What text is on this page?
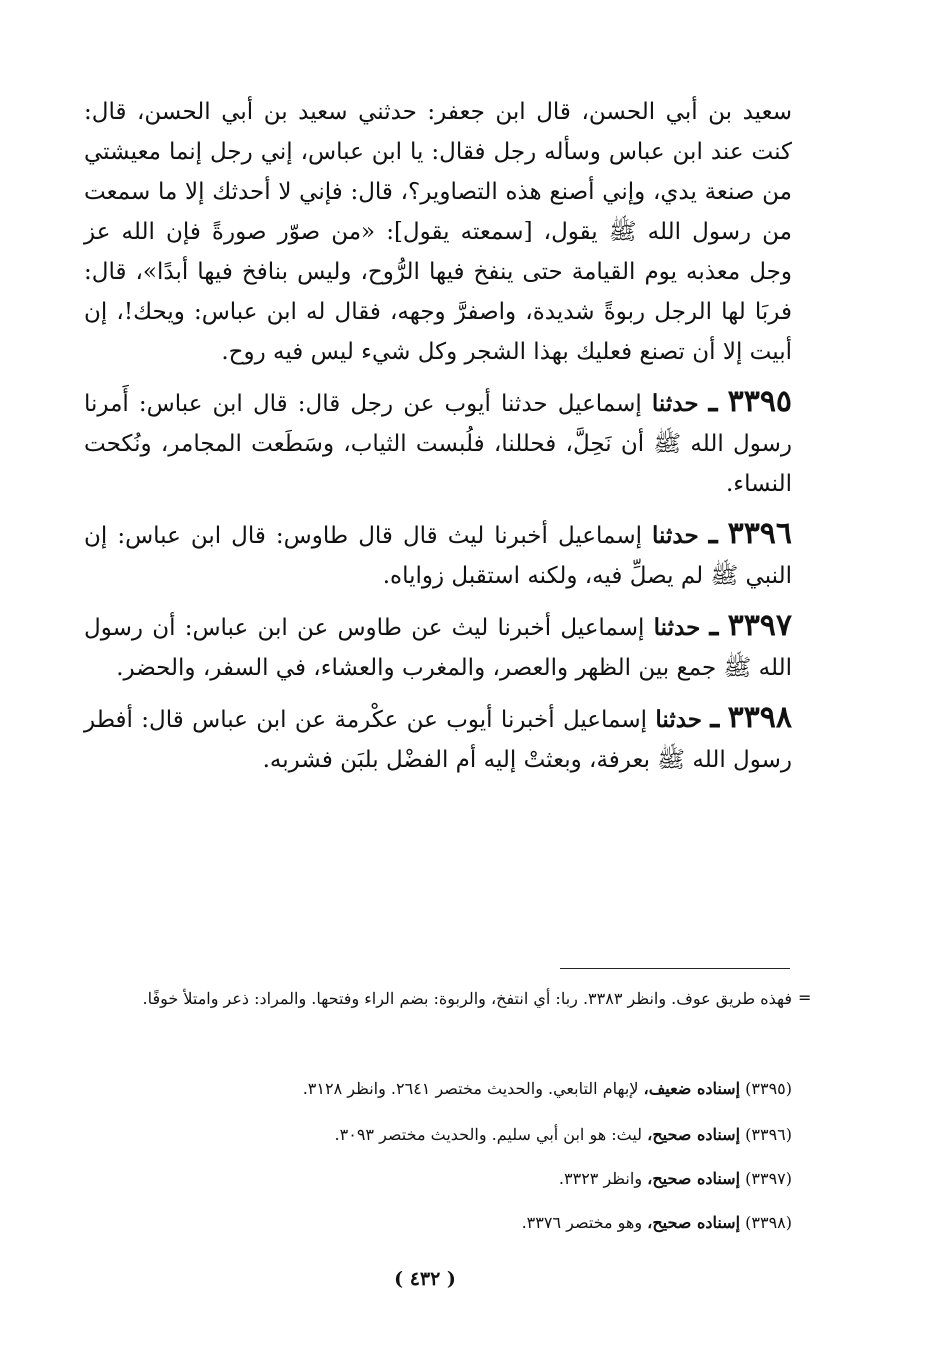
سعيد بن أبي الحسن، قال ابن جعفر: حدثني سعيد بن أبي الحسن، قال: كنت عند ابن عباس وسأله رجل فقال: يا ابن عباس، إني رجل إنما معيشتي من صنعة يدي، وإني أصنع هذه التصاوير؟، قال: فإني لا أحدثك إلا ما سمعت من رسول الله ﷺ يقول، [سمعته يقول]: «من صوّر صورةً فإن الله عز وجل معذبه يوم القيامة حتى ينفخ فيها الرُّوح، وليس بنافخ فيها أبدًا»، قال: فربَا لها الرجل ربوةً شديدة، واصفرَّ وجهه، فقال له ابن عباس: ويحك!، إن أبيت إلا أن تصنع فعليك بهذا الشجر وكل شيء ليس فيه روح.

٣٣٩٥ ـ حدثنا إسماعيل حدثنا أيوب عن رجل قال: قال ابن عباس: أَمرنا رسول الله ﷺ أن نَحِلَّ، فحللنا، فلُبست الثياب، وسَطَعت المجامر، ونُكحت النساء.

٣٣٩٦ ـ حدثنا إسماعيل أخبرنا ليث قال قال طاوس: قال ابن عباس: إن النبي ﷺ لم يصلِّ فيه، ولكنه استقبل زواياه.

٣٣٩٧ ـ حدثنا إسماعيل أخبرنا ليث عن طاوس عن ابن عباس: أن رسول الله ﷺ جمع بين الظهر والعصر، والمغرب والعشاء، في السفر، والحضر.

٣٣٩٨ ـ حدثنا إسماعيل أخبرنا أيوب عن عكْرمة عن ابن عباس قال: أفطر رسول الله ﷺ بعرفة، وبعثتْ إليه أم الفضْل بلبَن فشربه.

=
فهذه طريق عوف. وانظر ٣٣٨٣. ربا: أي انتفخ، والربوة: بضم الراء وفتحها. والمراد: ذعر وامتلأ خوفًا.
(٣٣٩٥) إسناده ضعيف، لإبهام التابعي. والحديث مختصر ٢٦٤١. وانظر ٣١٢٨.
(٣٣٩٦) إسناده صحيح، ليث: هو ابن أبي سليم. والحديث مختصر ٣٠٩٣.
(٣٣٩٧) إسناده صحيح، وانظر ٣٣٢٣.
(٣٣٩٨) إسناده صحيح، وهو مختصر ٣٣٧٦.
( ٤٣٢ )
